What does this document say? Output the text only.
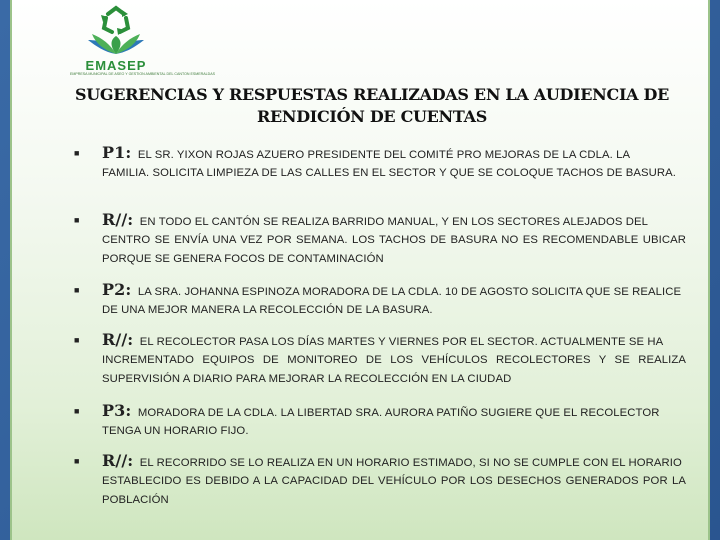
EMASEP
EMPRESA MUNICIPAL DE ASEO Y GESTION AMBIENTAL DEL CANTON ESMERALDAS
SUGERENCIAS Y RESPUESTAS REALIZADAS EN LA AUDIENCIA DE RENDICIÓN DE CUENTAS
■ P1: EL SR. YIXON ROJAS AZUERO PRESIDENTE DEL COMITÉ PRO MEJORAS DE LA CDLA. LA
FAMILIA. SOLICITA LIMPIEZA DE LAS CALLES EN EL SECTOR Y QUE SE COLOQUE TACHOS DE BASURA.
■ R//: EN TODO EL CANTÓN SE REALIZA BARRIDO MANUAL, Y EN LOS SECTORES ALEJADOS DEL
CENTRO SE ENVÍA UNA VEZ POR SEMANA. LOS TACHOS DE BASURA NO ES RECOMENDABLE UBICAR PORQUE SE GENERA FOCOS DE CONTAMINACIÓN
■ P2: LA SRA. JOHANNA ESPINOZA MORADORA DE LA CDLA. 10 DE AGOSTO SOLICITA QUE SE REALICE
DE UNA MEJOR MANERA LA RECOLECCIÓN DE LA BASURA.
■ R//: EL RECOLECTOR PASA LOS DÍAS MARTES Y VIERNES POR EL SECTOR. ACTUALMENTE SE HA
INCREMENTADO EQUIPOS DE MONITOREO DE LOS VEHÍCULOS RECOLECTORES Y SE REALIZA SUPERVISIÓN A DIARIO PARA MEJORAR LA RECOLECCIÓN EN LA CIUDAD
■ P3: MORADORA DE LA CDLA. LA LIBERTAD SRA. AURORA PATIÑO SUGIERE QUE EL RECOLECTOR
TENGA UN HORARIO FIJO.
■ R//: EL RECORRIDO SE LO REALIZA EN UN HORARIO ESTIMADO, SI NO SE CUMPLE CON EL HORARIO
ESTABLECIDO ES DEBIDO A LA CAPACIDAD DEL VEHÍCULO POR LOS DESECHOS GENERADOS POR LA POBLACIÓN
